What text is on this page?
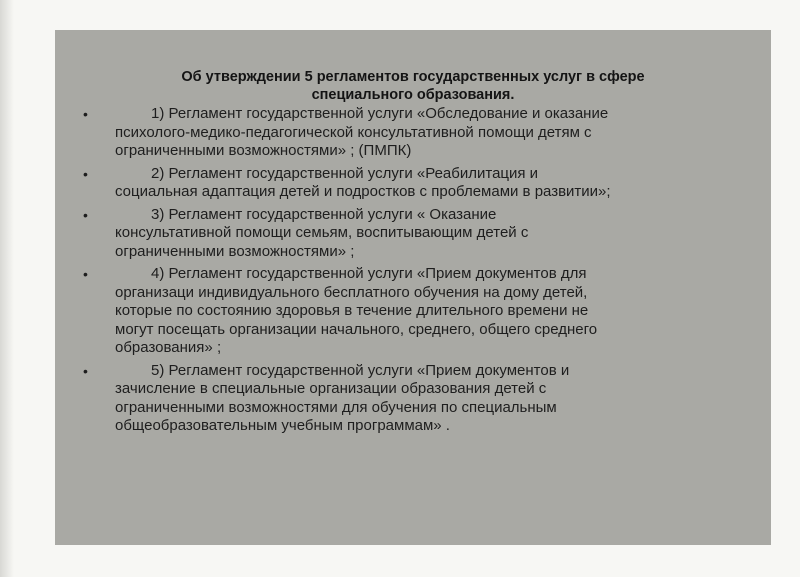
Об утверждении 5 регламентов государственных услуг в сфере
специального образования.
•	1) Регламент государственной услуги «Обследование и оказание
психолого-медико-педагогической консультативной помощи детям с
ограниченными возможностями» ; (ПМПК)
•	2) Регламент государственной услуги «Реабилитация и
социальная адаптация детей и подростков с проблемами в развитии»;
•	3) Регламент государственной услуги « Оказание
консультативной помощи семьям, воспитывающим детей с
ограниченными возможностями» ;
•	4) Регламент государственной услуги «Прием документов для
организаци индивидуального бесплатного обучения на дому детей,
которые по состоянию здоровья в течение длительного времени не
могут посещать организации начального, среднего, общего среднего
образования» ;
•	5) Регламент государственной услуги «Прием документов и
зачисление в специальные организации образования детей с
ограниченными возможностями для обучения по специальным
общеобразовательным учебным программам» .
